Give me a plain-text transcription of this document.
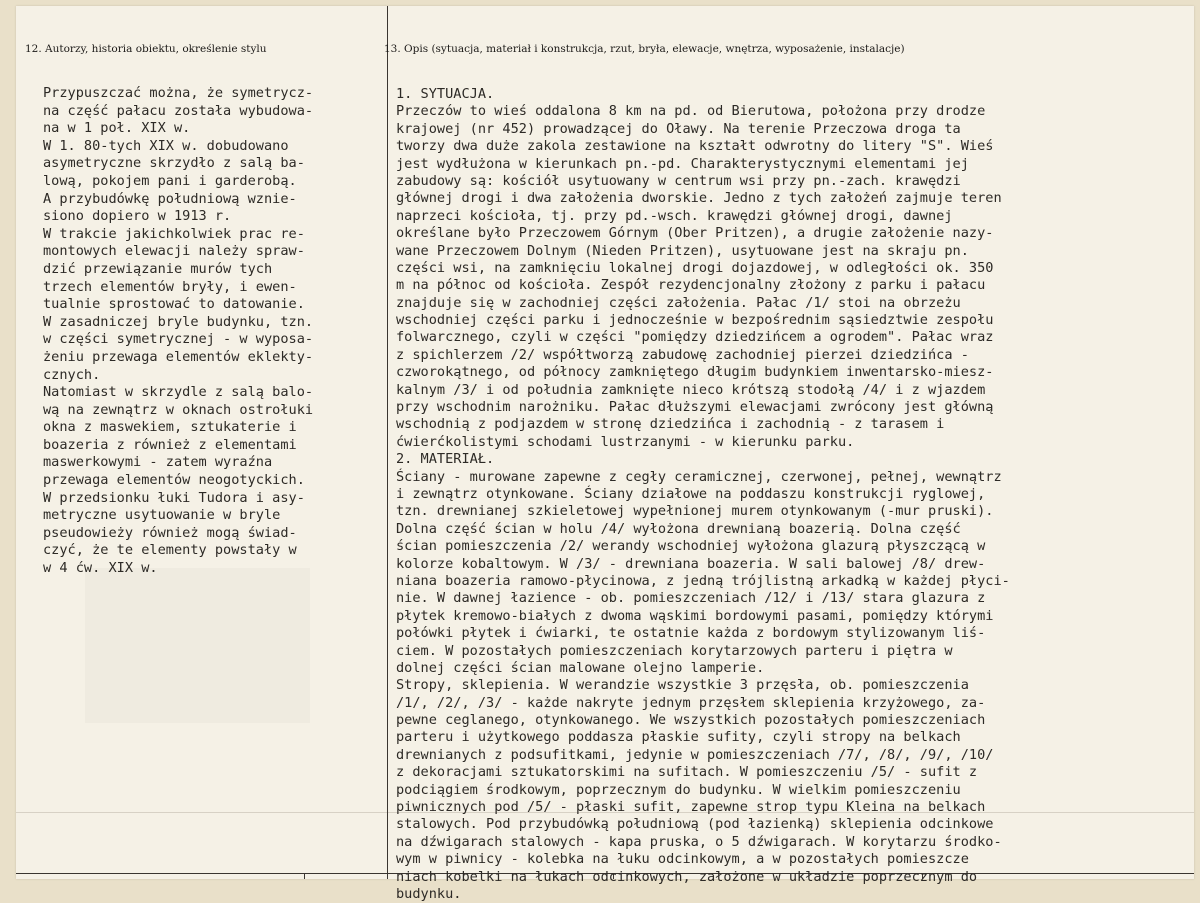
12. Autorzy, historia obiektu, określenie stylu	13. Opis (sytuacja, materiał i konstrukcja, rzut, bryła, elewacje, wnętrza, wyposażenie, instalacje)
Przypuszczać można, że symetrycz-
na część pałacu została wybudowa-
na w 1 poł. XIX w.
W 1. 80-tych XIX w. dobudowano
asymetryczne skrzydło z salą ba-
lową, pokojem pani i garderobą.
A przybudówkę południową wznie-
siono dopiero w 1913 r.
W trakcie jakichkolwiek prac re-
montowych elewacji należy spraw-
dzić przewiązanie murów tych
trzech elementów bryły, i ewen-
tualnie sprostować to datowanie.
W zasadniczej bryle budynku, tzn.
w części symetrycznej - w wyposa-
żeniu przewaga elementów eklekty-
cznych.
Natomiast w skrzydle z salą balo-
wą na zewnątrz w oknach ostrołuki
okna z maswekiem, sztukaterie i
boazeria z również z elementami
maswerkowymi - zatem wyraźna
przewaga elementów neogotyckich.
W przedsionku łuki Tudora i asy-
metryczne usytuowanie w bryle
pseudowieży również mogą świad-
czyć, że te elementy powstały w
w 4 ćw. XIX w.
1. SYTUACJA.
Przeczów to wieś oddalona 8 km na pd. od Bierutowa, położona przy drodze
krajowej (nr 452) prowadzącej do Oławy. Na terenie Przeczowa droga ta
tworzy dwa duże zakola zestawione na kształt odwrotny do litery "S". Wieś
jest wydłużona w kierunkach pn.-pd. Charakterystycznymi elementami jej
zabudowy są: kościół usytuowany w centrum wsi przy pn.-zach. krawędzi
głównej drogi i dwa założenia dworskie. Jedno z tych założeń zajmuje teren
naprzeci kościoła, tj. przy pd.-wsch. krawędzi głównej drogi, dawnej
określane było Przeczowem Górnym (Ober Pritzen), a drugie założenie nazy-
wane Przeczowem Dolnym (Nieden Pritzen), usytuowane jest na skraju pn.
części wsi, na zamknięciu lokalnej drogi dojazdowej, w odległości ok. 350
m na północ od kościoła. Zespół rezydencjonalny złożony z parku i pałacu
znajduje się w zachodniej części założenia. Pałac /1/ stoi na obrzeżu
wschodniej części parku i jednocześnie w bezpośrednim sąsiedztwie zespołu
folwarcznego, czyli w części "pomiędzy dziedzińcem a ogrodem". Pałac wraz
z spichlerzem /2/ współtworzą zabudowę zachodniej pierzei dziedzińca -
czworokątnego, od północy zamkniętego długim budynkiem inwentarsko-miesz-
kalnym /3/ i od południa zamknięte nieco krótszą stodołą /4/ i z wjazdem
przy wschodnim narożniku. Pałac dłuższymi elewacjami zwrócony jest główną
wschodnią z podjazdem w stronę dziedzińca i zachodnią - z tarasem i
ćwierćkolistymi schodami lustrzanymi - w kierunku parku.
2. MATERIAŁ.
Ściany - murowane zapewne z cegły ceramicznej, czerwonej, pełnej, wewnątrz
i zewnątrz otynkowane. Ściany działowe na poddaszu konstrukcji ryglowej,
tzn. drewnianej szkieletowej wypełnionej murem otynkowanym (-mur pruski).
Dolna część ścian w holu /4/ wyłożona drewnianą boazerią. Dolna część
ścian pomieszczenia /2/ werandy wschodniej wyłożona glazurą płyszczącą w
kolorze kobaltowym. W /3/ - drewniana boazeria. W sali balowej /8/ drew-
niana boazeria ramowo-płycinowa, z jedną trójlistną arkadką w każdej płyci-
nie. W dawnej łazience - ob. pomieszczeniach /12/ i /13/ stara glazura z
płytek kremowo-białych z dwoma wąskimi bordowymi pasami, pomiędzy którymi
połówki płytek i ćwiarki, te ostatnie każda z bordowym stylizowanym liś-
ciem. W pozostałych pomieszczeniach korytarzowych parteru i piętra w
dolnej części ścian malowane olejno lamperie.
Stropy, sklepienia. W werandzie wszystkie 3 przęsła, ob. pomieszczenia
/1/, /2/, /3/ - każde nakryte jednym przęsłem sklepienia krzyżowego, za-
pewne ceglanego, otynkowanego. We wszystkich pozostałych pomieszczeniach
parteru i użytkowego poddasza płaskie sufity, czyli stropy na belkach
drewnianych z podsufitkami, jedynie w pomieszczeniach /7/, /8/, /9/, /10/
z dekoracjami sztukatorskimi na sufitach. W pomieszczeniu /5/ - sufit z
podciągiem środkowym, poprzecznym do budynku. W wielkim pomieszczeniu
piwnicznych pod /5/ - płaski sufit, zapewne strop typu Kleina na belkach
stalowych. Pod przybudówką południową (pod łazienką) sklepienia odcinkowe
na dźwigarach stalowych - kapa pruska, o 5 dźwigarach. W korytarzu środko-
wym w piwnicy - kolebka na łuku odcinkowym, a w pozostałych pomieszcze
niach kobelki na łukach odcinkowych, założone w układzie poprzecznym do
budynku.
